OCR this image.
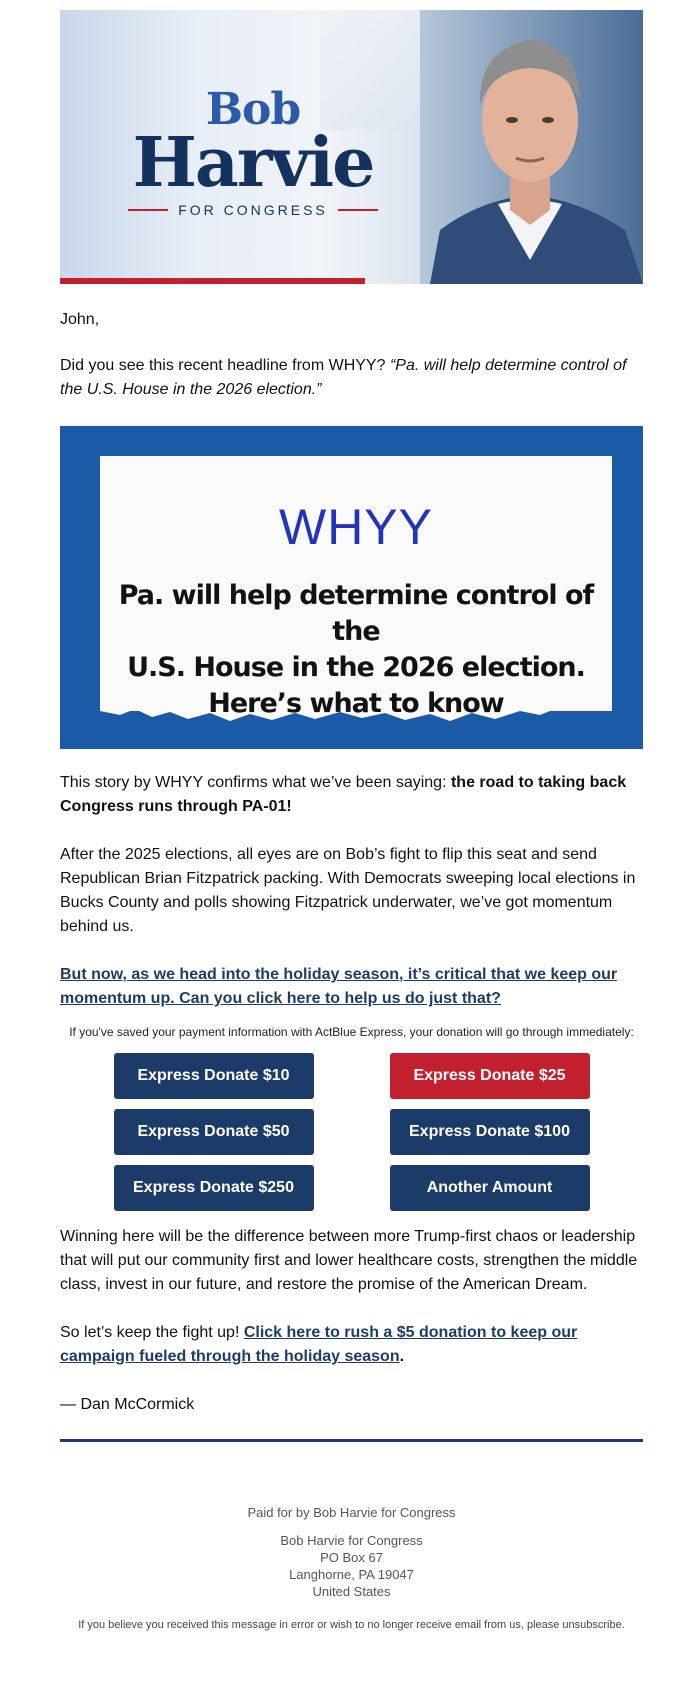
Bob
Harvie
FOR CONGRESS

John,

Did you see this recent headline from WHYY? “Pa. will help determine control of the U.S. House in the 2026 election.”

WHYY
Pa. will help determine control of the
U.S. House in the 2026 election.
Here’s what to know

This story by WHYY confirms what we’ve been saying: the road to taking back Congress runs through PA-01!

After the 2025 elections, all eyes are on Bob’s fight to flip this seat and send Republican Brian Fitzpatrick packing. With Democrats sweeping local elections in Bucks County and polls showing Fitzpatrick underwater, we’ve got momentum behind us.

But now, as we head into the holiday season, it’s critical that we keep our momentum up. Can you click here to help us do just that?

If you've saved your payment information with ActBlue Express, your donation will go through immediately:
Express Donate $10	Express Donate $25
Express Donate $50	Express Donate $100
Express Donate $250	Another Amount

Winning here will be the difference between more Trump-first chaos or leadership that will put our community first and lower healthcare costs, strengthen the middle class, invest in our future, and restore the promise of the American Dream.

So let’s keep the fight up! Click here to rush a $5 donation to keep our campaign fueled through the holiday season.

— Dan McCormick

Paid for by Bob Harvie for Congress
Bob Harvie for Congress
PO Box 67
Langhorne, PA 19047
United States
If you believe you received this message in error or wish to no longer receive email from us, please unsubscribe.
